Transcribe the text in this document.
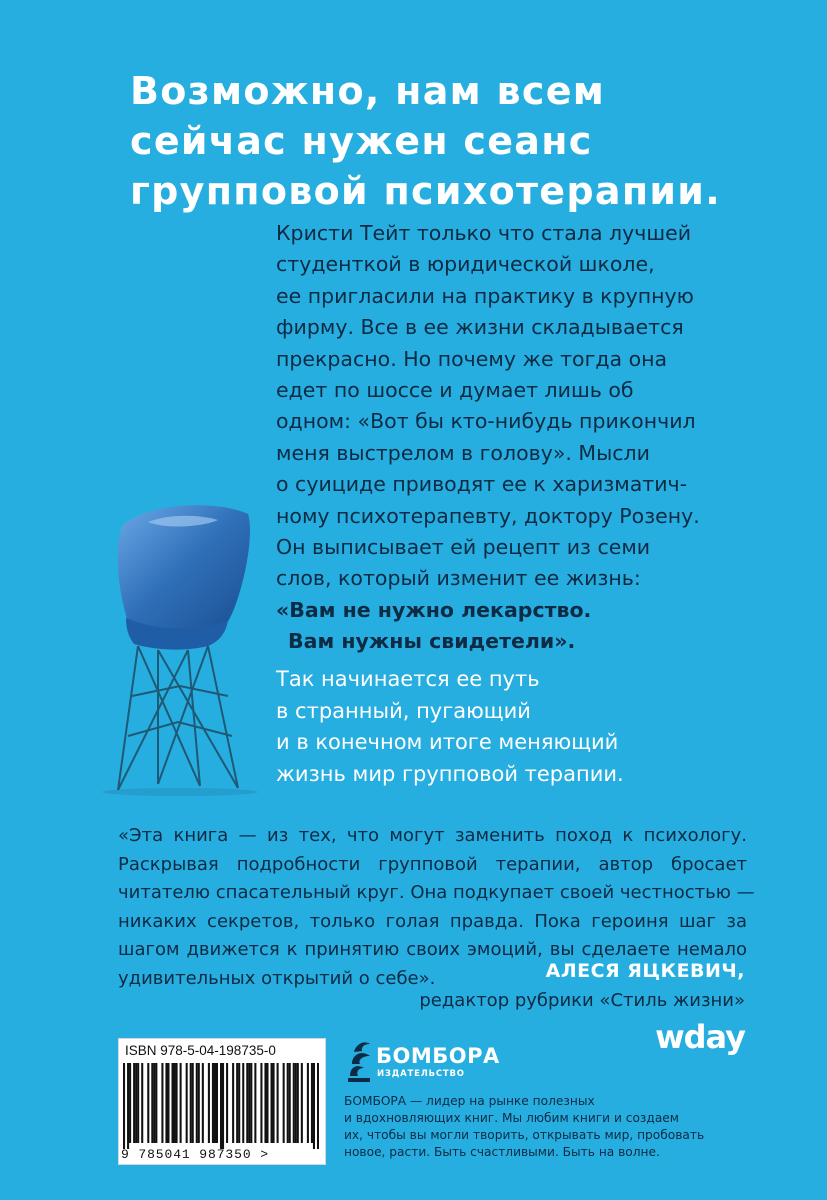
Возможно, нам всем
сейчас нужен сеанс
групповой психотерапии.
Кристи Тейт только что стала лучшей
студенткой в юридической школе,
ее пригласили на практику в крупную
фирму. Все в ее жизни складывается
прекрасно. Но почему же тогда она
едет по шоссе и думает лишь об
одном: «Вот бы кто-нибудь прикончил
меня выстрелом в голову». Мысли
о суициде приводят ее к харизматич-
ному психотерапевту, доктору Розену.
Он выписывает ей рецепт из семи
слов, который изменит ее жизнь:
«Вам не нужно лекарство.
Вам нужны свидетели».
Так начинается ее путь
в странный, пугающий
и в конечном итоге меняющий
жизнь мир групповой терапии.
«Эта книга — из тех, что могут заменить поход к психологу.
Раскрывая подробности групповой терапии, автор бросает
читателю спасательный круг. Она подкупает своей честностью —
никаких секретов, только голая правда. Пока героиня шаг за
шагом движется к принятию своих эмоций, вы сделаете немало
удивительных открытий о себе».	АЛЕСЯ ЯЦКЕВИЧ,
редактор рубрики «Стиль жизни»
wday

ISBN 978-5-04-198735-0

9 785041 987350 >
БОМБОРА
ИЗДАТЕЛЬСТВО
БОМБОРА — лидер на рынке полезных
и вдохновляющих книг. Мы любим книги и создаем
их, чтобы вы могли творить, открывать мир, пробовать
новое, расти. Быть счастливыми. Быть на волне.
